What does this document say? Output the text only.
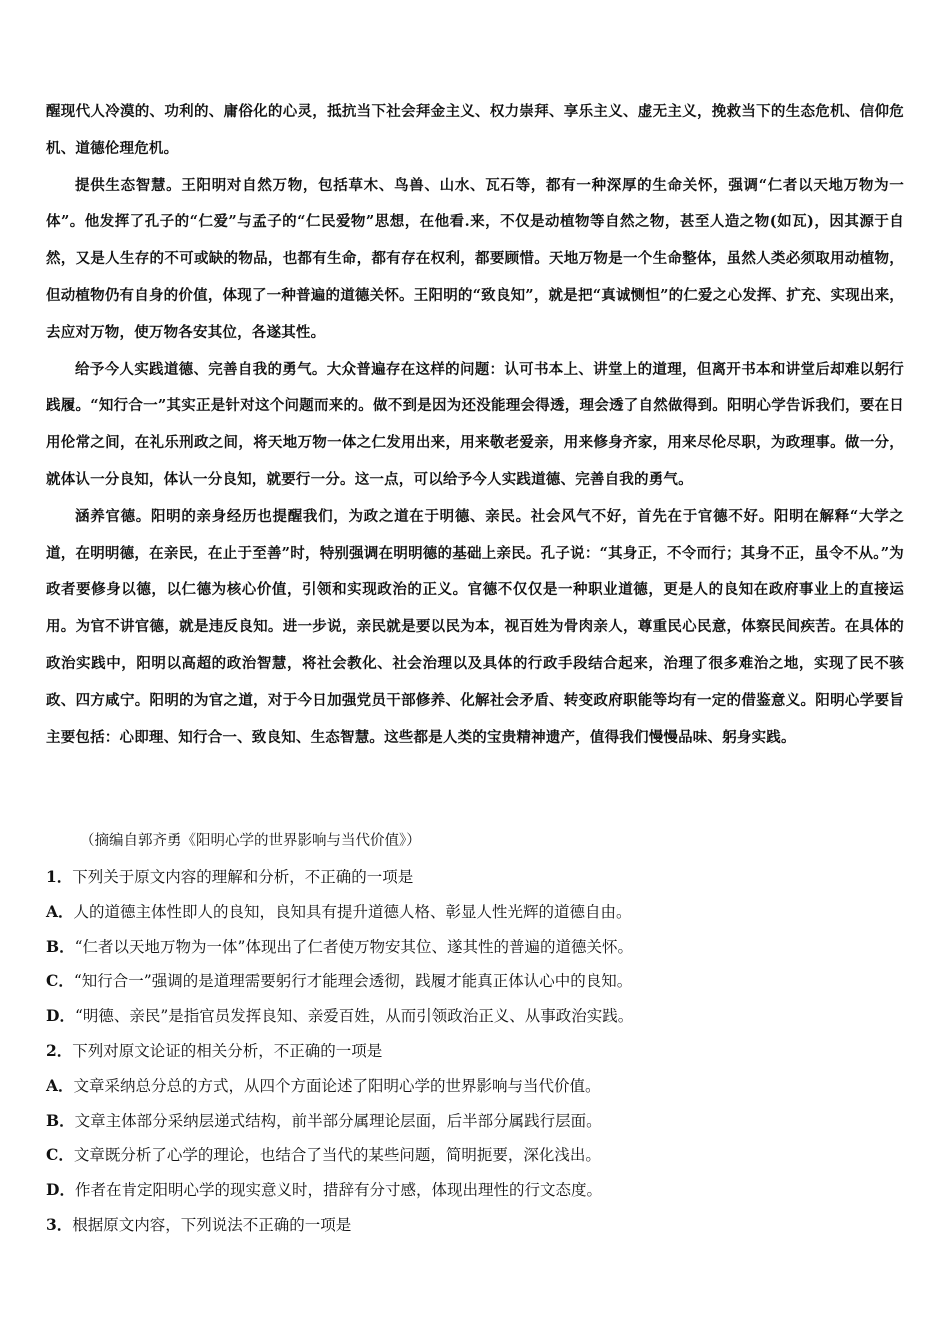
醒现代人冷漠的、功利的、庸俗化的心灵，抵抗当下社会拜金主义、权力崇拜、享乐主义、虚无主义，挽救当下的生态危机、信仰危机、道德伦理危机。

提供生态智慧。王阳明对自然万物，包括草木、鸟兽、山水、瓦石等，都有一种深厚的生命关怀，强调“仁者以天地万物为一体”。他发挥了孔子的“仁爱”与孟子的“仁民爱物”思想，在他看.来，不仅是动植物等自然之物，甚至人造之物(如瓦)，因其源于自然，又是人生存的不可或缺的物品，也都有生命，都有存在权利，都要顾惜。天地万物是一个生命整体，虽然人类必须取用动植物，但动植物仍有自身的价值，体现了一种普遍的道德关怀。王阳明的“致良知”，就是把“真诚恻怛”的仁爱之心发挥、扩充、实现出来，去应对万物，使万物各安其位，各遂其性。

给予今人实践道德、完善自我的勇气。大众普遍存在这样的问题：认可书本上、讲堂上的道理，但离开书本和讲堂后却难以躬行践履。“知行合一”其实正是针对这个问题而来的。做不到是因为还没能理会得透，理会透了自然做得到。阳明心学告诉我们，要在日用伦常之间，在礼乐刑政之间，将天地万物一体之仁发用出来，用来敬老爱亲，用来修身齐家，用来尽伦尽职，为政理事。做一分，就体认一分良知，体认一分良知，就要行一分。这一点，可以给予今人实践道德、完善自我的勇气。

涵养官德。阳明的亲身经历也提醒我们，为政之道在于明德、亲民。社会风气不好，首先在于官德不好。阳明在解释“大学之道，在明明德，在亲民，在止于至善”时，特别强调在明明德的基础上亲民。孔子说：“其身正，不令而行；其身不正，虽令不从。”为政者要修身以德，以仁德为核心价值，引领和实现政治的正义。官德不仅仅是一种职业道德，更是人的良知在政府事业上的直接运用。为官不讲官德，就是违反良知。进一步说，亲民就是要以民为本，视百姓为骨肉亲人，尊重民心民意，体察民间疾苦。在具体的政治实践中，阳明以高超的政治智慧，将社会教化、社会治理以及具体的行政手段结合起来，治理了很多难治之地，实现了民不骇政、四方咸宁。阳明的为官之道，对于今日加强党员干部修养、化解社会矛盾、转变政府职能等均有一定的借鉴意义。阳明心学要旨主要包括：心即理、知行合一、致良知、生态智慧。这些都是人类的宝贵精神遗产，值得我们慢慢品味、躬身实践。

（摘编自郭齐勇《阳明心学的世界影响与当代价值》）
1．下列关于原文内容的理解和分析，不正确的一项是
A．人的道德主体性即人的良知，良知具有提升道德人格、彰显人性光辉的道德自由。
B．“仁者以天地万物为一体”体现出了仁者使万物安其位、遂其性的普遍的道德关怀。
C．“知行合一”强调的是道理需要躬行才能理会透彻，践履才能真正体认心中的良知。
D．“明德、亲民”是指官员发挥良知、亲爱百姓，从而引领政治正义、从事政治实践。
2．下列对原文论证的相关分析，不正确的一项是
A．文章采纳总分总的方式，从四个方面论述了阳明心学的世界影响与当代价值。
B．文章主体部分采纳层递式结构，前半部分属理论层面，后半部分属践行层面。
C．文章既分析了心学的理论，也结合了当代的某些问题，简明扼要，深化浅出。
D．作者在肯定阳明心学的现实意义时，措辞有分寸感，体现出理性的行文态度。
3．根据原文内容，下列说法不正确的一项是
